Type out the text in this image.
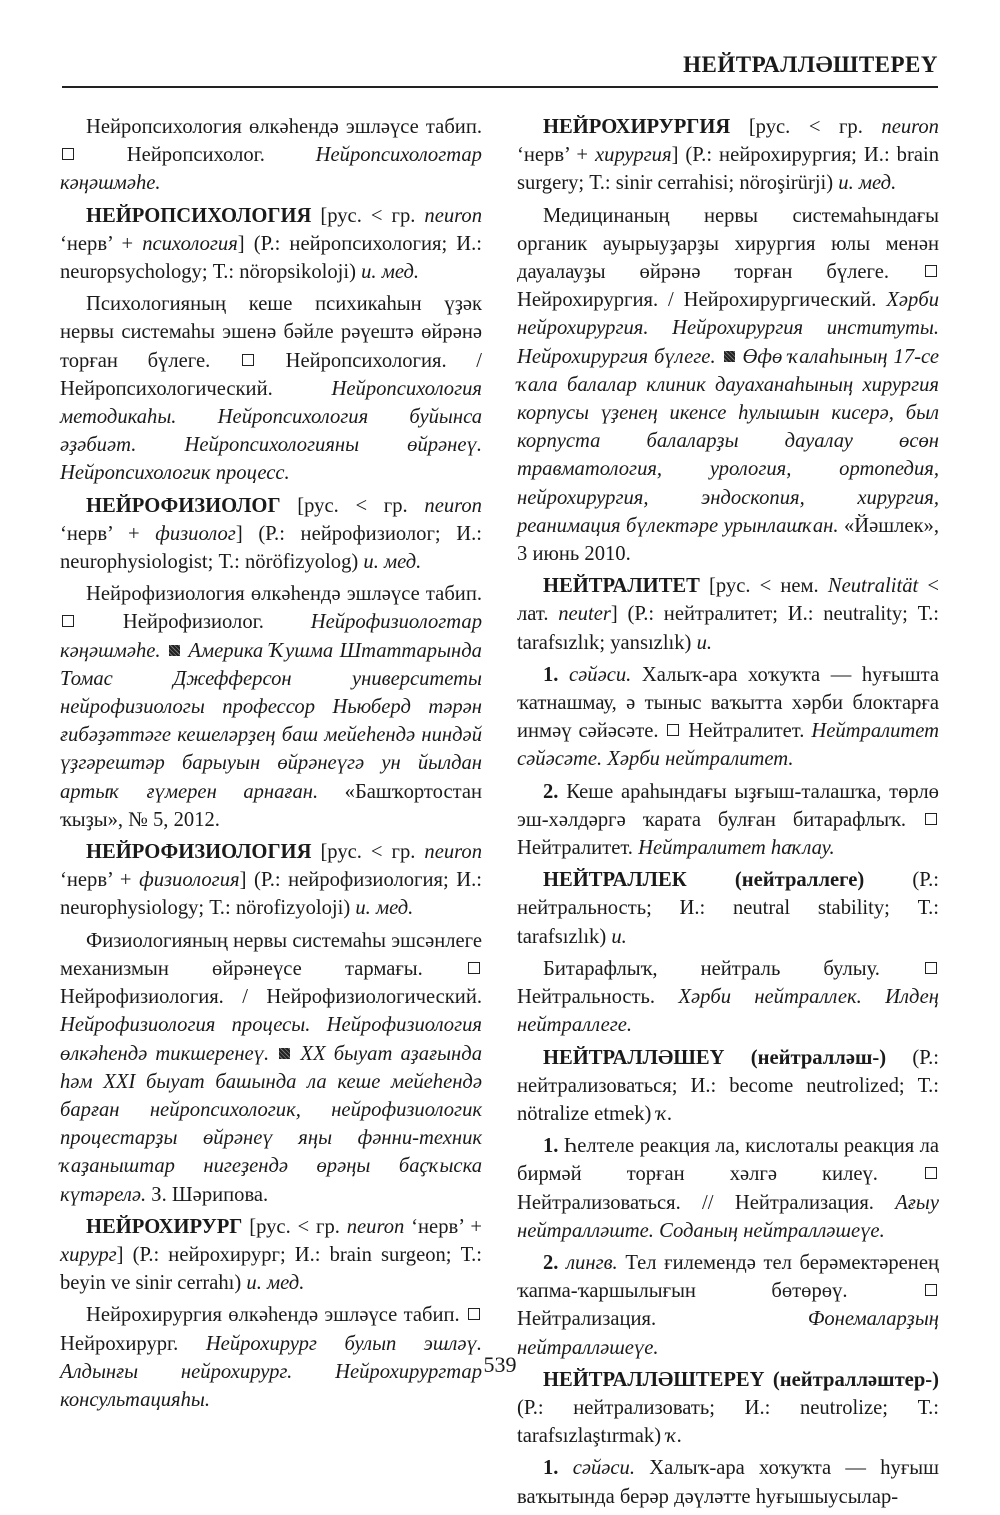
НЕЙТРАЛЛӘШТЕРЕҮ

Нейропсихология өлкәһендә эшләүсе табип.  Нейропсихолог. Нейропсихологтар кәңәшмәһе.

НЕЙРОПСИХОЛОГИЯ [рус. < гр. neuron ‘нерв’ + психология] (Р.: нейропсихология; И.: neuropsychology; Т.: nöropsikoloji) и. мед.

Психологияның кеше психикаһын үҙәк нервы системаһы эшенә бәйле рәүештә өйрәнә торған бүлеге.	Нейропсихология. / Нейропсихологический.	Нейропсихология методикаһы. Нейропсихология буйынса әҙәбиәт. Нейропсихологияны өйрәнеү. Нейропсихологик процесс.

НЕЙРОФИЗИОЛОГ [рус. < гр. neuron ‘нерв’ + физиолог] (Р.: нейрофизиолог; И.: neurophysiologist; Т.: nöröfizyolog) и. мед.

Нейрофизиология өлкәһендә эшләүсе табип.  Нейрофизиолог. Нейрофизиологтар кәңәшмәһе. Америка Ҡушма Штаттарында Томас Джефферсон университеты нейрофизиологы профессор Ньюберд тәрән ғибәҙәттәге кешеләрҙең баш мейеһендә ниндәй үҙгәрештәр барыуын өйрәнеүгә ун йылдан артыҡ ғүмерен арнаған. «Башҡортостан ҡыҙы», № 5, 2012.

НЕЙРОФИЗИОЛОГИЯ [рус. < гр. neuron ‘нерв’ + физиология] (Р.: нейрофизиология; И.: neurophysiology; Т.: nörofizyoloji) и. мед.

Физиологияның нервы системаһы эшсәнлеге механизмын өйрәнеүсе тармағы.  Нейрофизиология. / Нейрофизиологический. Нейрофизиология процесы. Нейрофизиология өлкәһендә тикшеренеү. XX быуат аҙағында һәм XXI быуат башында ла кеше мейеһендә барған нейропсихологик, нейрофизиологик процестарҙы өйрәнеү яңы фәнни-техник ҡаҙаныштар нигеҙендә өрәңы баҫҡыска күтәрелә. З. Шәрипова.

НЕЙРОХИРУРГ [рус. < гр. neuron ‘нерв’ + хирург] (Р.: нейрохирург; И.: brain surgeon; Т.: beyin ve sinir cerrahı) и. мед.

Нейрохирургия өлкәһендә эшләүсе табип.  Нейрохирург. Нейрохирург булып эшләү. Алдынғы нейрохирург. Нейрохирургтар консультацияһы.

НЕЙРОХИРУРГИЯ [рус. < гр. neuron ‘нерв’ + хирургия] (Р.: нейрохирургия; И.: brain surgery; Т.: sinir cerrahisi; nöroşirürji) и. мед.

Медицинаның нервы системаһындағы органик ауырыуҙарҙы хирургия юлы менән дауалауҙы өйрәнә торған бүлеге.  Нейрохирургия. / Нейрохирургический. Хәрби нейрохирургия. Нейрохирургия институты. Нейрохирургия бүлеге. Өфө ҡалаһының 17-се ҡала балалар клиник дауаханаһының хирургия корпусы үҙенең икенсе һулышын кисерә, был корпуста балаларҙы дауалау өсөн травматология, урология, ортопедия, нейрохирургия, эндоскопия, хирургия, реанимация бүлектәре урынлашҡан. «Йәшлек», 3 июнь 2010.

НЕЙТРАЛИТЕТ [рус. < нем. Neutralität < лат. neuter] (Р.: нейтралитет; И.: neutrality; Т.: tarafsızlık; yansızlık) и.

1. сәйәси. Халыҡ-ара хоҡуҡта — һуғышта ҡатнашмау, ә тыныс ваҡытта хәрби блоктарға инмәү сәйәсәте. Нейтралитет. Нейтралитет сәйәсәте. Хәрби нейтралитет.

2. Кеше араһындағы ыҙғыш-талашҡа, төрлө эш-хәлдәргә ҡарата булған битарафлыҡ.  Нейтралитет. Нейтралитет һаҡлау.

НЕЙТРАЛЛЕК (нейтраллеге) (Р.: нейтральность; И.: neutral stability; Т.: tarafsızlık) и.

Битарафлыҡ, нейтраль булыу.  Нейтральность. Хәрби нейтраллек. Илдең нейтраллеге.

НЕЙТРАЛЛӘШЕҮ (нейтралләш-) (Р.: нейтрализоваться; И.: become neutrolized; Т.: nötralize etmek) ҡ.

1. Һелтеле реакция ла, кислоталы реакция ла бирмәй торған хәлгә килеү.  Нейтрализоваться. // Нейтрализация. Ағыу нейтралләште. Соданың нейтралләшеүе.

2. лингв. Тел ғилемендә тел берәмектәренең ҡапма-ҡаршылығын бөтөрөү.  Нейтрализация.	Фонемаларҙың нейтралләшеүе.

НЕЙТРАЛЛӘШТЕРЕҮ (нейтралләштер-) (Р.: нейтрализовать; И.: neutrolize; Т.: tarafsızlaştırmak) ҡ.

1. сәйәси. Халыҡ-ара хоҡуҡта — һуғыш ваҡытында берәр дәүләтте һуғышыусылар-

539
